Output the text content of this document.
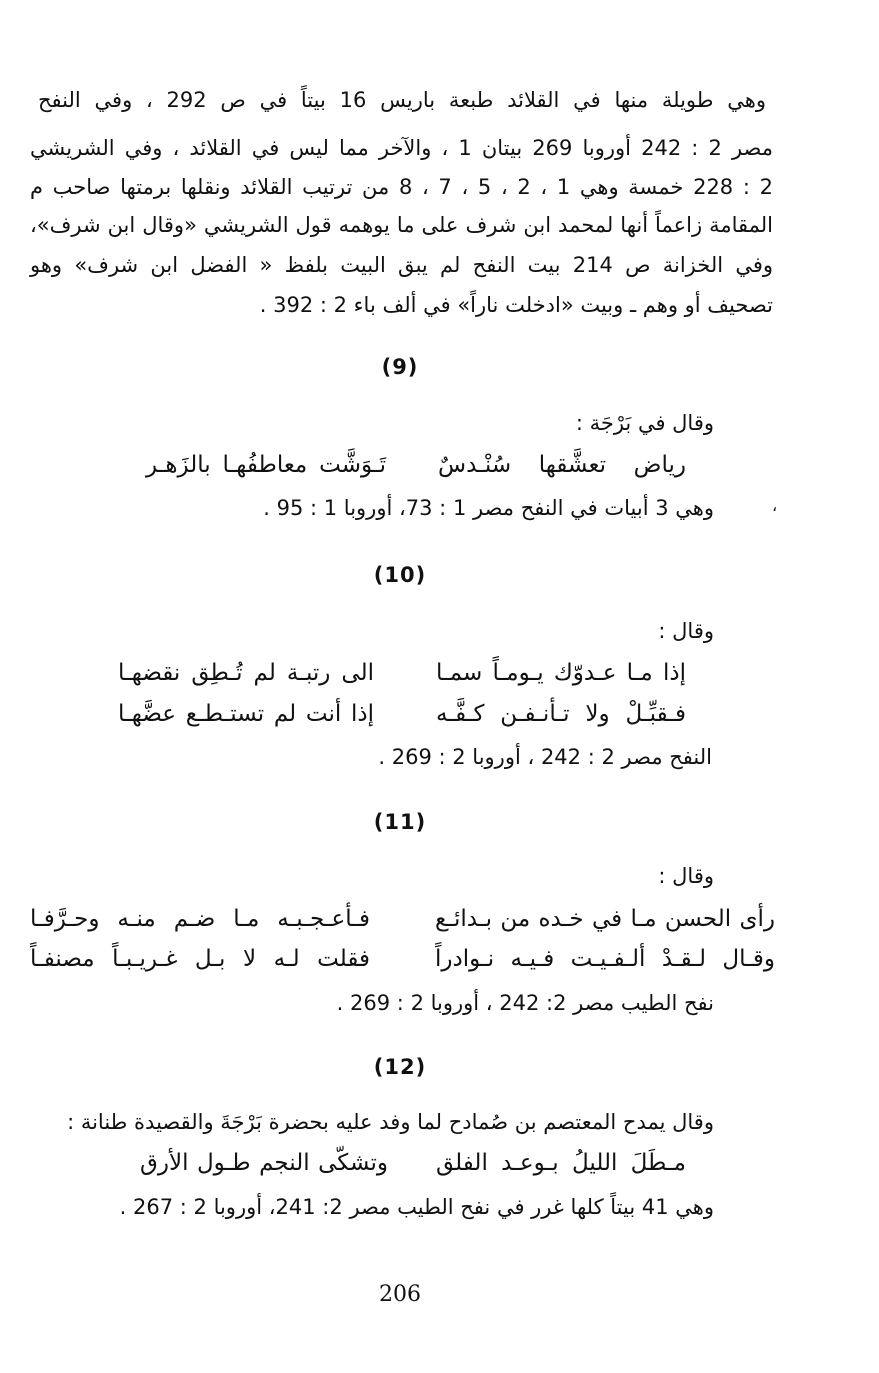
وهي طويلة منها في القلائد طبعة باريس 16 بيتاً في ص 292 ، وفي النفح
مصر 2 : 242 أوروبا 269 بيتان 1 ، والآخر مما ليس في القلائد ، وفي الشريشي
2 : 228 خمسة وهي 1 ، 2 ، 5 ، 7 ، 8 من ترتيب القلائد ونقلها برمتها صاحب م
المقامة زاعماً أنها لمحمد ابن شرف على ما يوهمه قول الشريشي «وقال ابن شرف»،
وفي الخزانة ص 214 بيت النفح لم يبق البيت بلفظ « الفضل ابن شرف» وهو
تصحيف أو وهم ـ وبيت «ادخلت ناراً» في ألف باء 2 : 392 .
(9)
وقال في بَرْجَة :
رياض تعشَّقها سُنْـدسٌ
تَـوَشَّت معاطفُهـا بالزَهـر
وهي 3 أبيات في النفح مصر 1 : 73، أوروبا 1 : 95 .	،
(10)
وقال :
إذا مـا عـدوّك يـومـاً سمـا
الى رتبـة لم تُـطِق نقضهـا
فـقبِّـلْ ولا تـأنـفـن كـفَّـه
إذا أنت لم تستـطـع عضَّهـا
النفح مصر 2 : 242 ، أوروبا 2 : 269 .
(11)
وقال :
رأى الحسن مـا في خـده من بـدائـع
فـأعـجـبـه مـا ضـم منـه وحـرَّفـا
وقـال لـقـدْ ألـفـيـت فـيـه نـوادراً
فقلت لـه لا بـل غـريـبـاً مصنفـاً
نفح الطيب مصر 2: 242 ، أوروبا 2 : 269 .
(12)
وقال يمدح المعتصم بن صُمادح لما وفد عليه بحضرة بَرْجَةَ والقصيدة طنانة :
مـطَلَ الليلُ بـوعـد الفلق
وتشكّى النجم طـول الأرق
وهي 41 بيتاً كلها غرر في نفح الطيب مصر 2: 241، أوروبا 2 : 267 .
206
